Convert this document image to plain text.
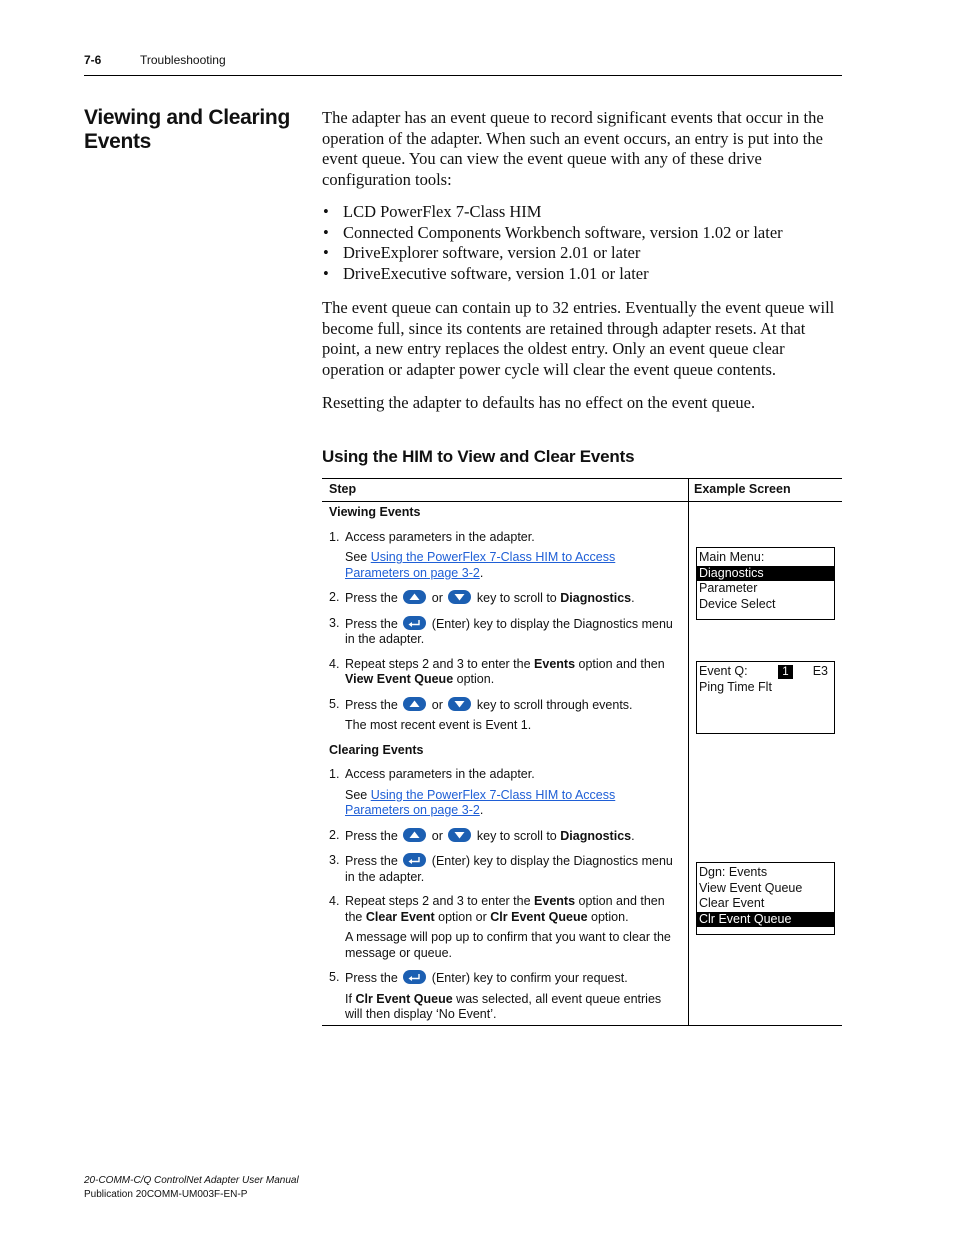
7-6	Troubleshooting
Viewing and Clearing Events

The adapter has an event queue to record significant events that occur in the operation of the adapter. When such an event occurs, an entry is put into the event queue. You can view the event queue with any of these drive configuration tools:

• LCD PowerFlex 7-Class HIM
• Connected Components Workbench software, version 1.02 or later
• DriveExplorer software, version 2.01 or later
• DriveExecutive software, version 1.01 or later

The event queue can contain up to 32 entries. Eventually the event queue will become full, since its contents are retained through adapter resets. At that point, a new entry replaces the oldest entry. Only an event queue clear operation or adapter power cycle will clear the event queue contents.

Resetting the adapter to defaults has no effect on the event queue.

Using the HIM to View and Clear Events
Step	Example Screen
Viewing Events
1. Access parameters in the adapter.
See Using the PowerFlex 7-Class HIM to Access Parameters on page 3-2.
2. Press the	or	key to scroll to Diagnostics.
3. Press the	(Enter) key to display the Diagnostics menu in the adapter.
4. Repeat steps 2 and 3 to enter the Events option and then View Event Queue option.
5. Press the	or	key to scroll through events.
The most recent event is Event 1.
Clearing Events
1. Access parameters in the adapter.
See Using the PowerFlex 7-Class HIM to Access Parameters on page 3-2.
2. Press the	or	key to scroll to Diagnostics.
3. Press the	(Enter) key to display the Diagnostics menu in the adapter.
4. Repeat steps 2 and 3 to enter the Events option and then the Clear Event option or Clr Event Queue option.
A message will pop up to confirm that you want to clear the message or queue.
5. Press the	(Enter) key to confirm your request.
If Clr Event Queue was selected, all event queue entries will then display ‘No Event’.
Main Menu:
Diagnostics
Parameter
Device Select
Event Q:	1	E3
Ping Time Flt
Dgn: Events
View Event Queue
Clear Event
Clr Event Queue
20-COMM-C/Q ControlNet Adapter User Manual
Publication 20COMM-UM003F-EN-P
